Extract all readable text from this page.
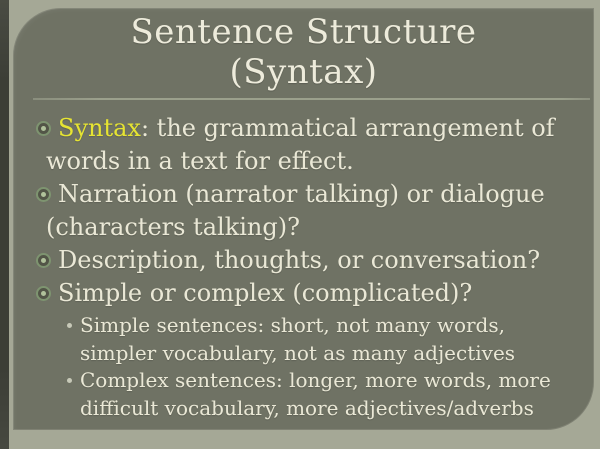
Sentence Structure
(Syntax)
Syntax: the grammatical arrangement of words in a text for effect.
Narration (narrator talking) or dialogue (characters talking)?
Description, thoughts, or conversation?
Simple or complex (complicated)?
Simple sentences: short, not many words, simpler vocabulary, not as many adjectives
Complex sentences: longer, more words, more difficult vocabulary, more adjectives/adverbs
